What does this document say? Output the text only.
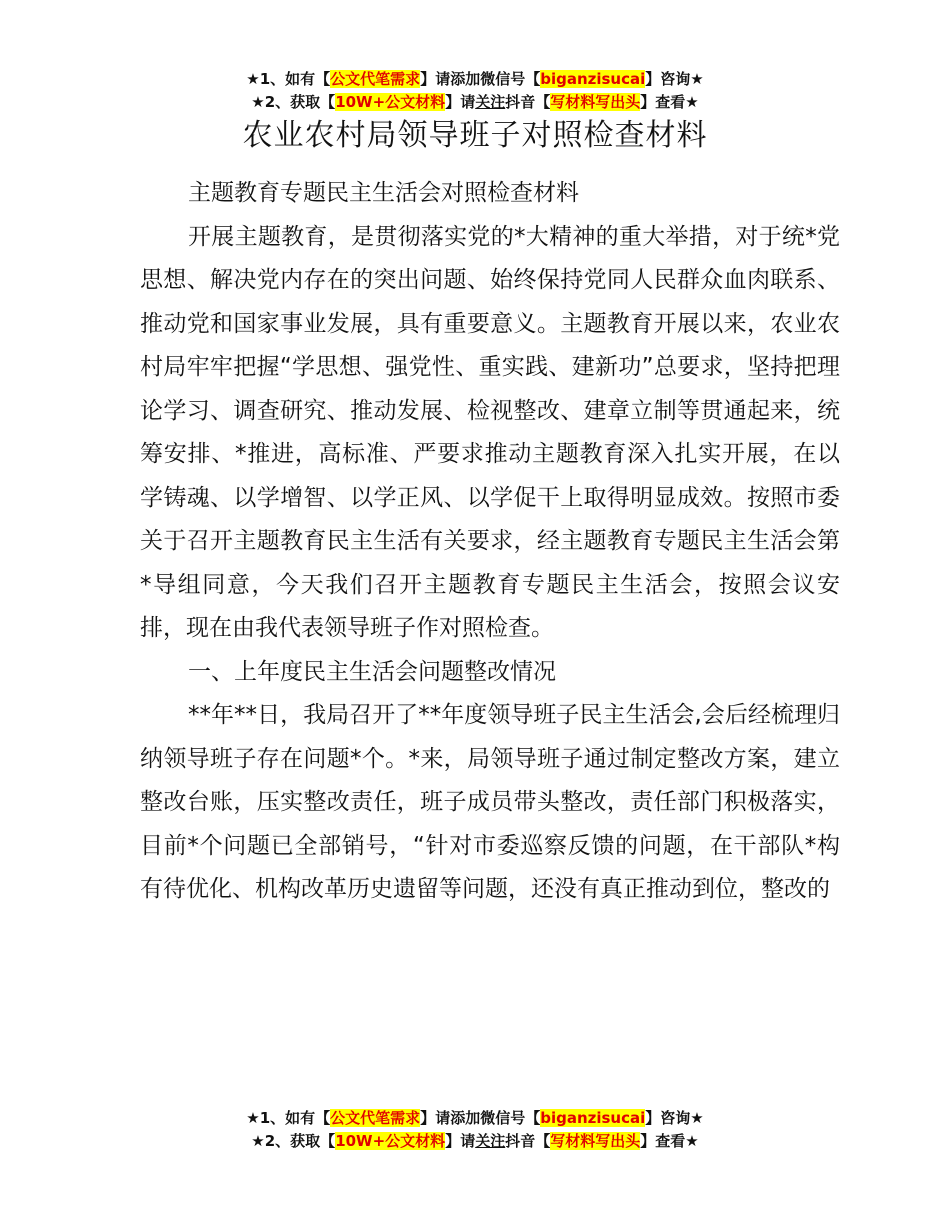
★1、如有【公文代笔需求】请添加微信号【biganzisucai】咨询★
★2、获取【10W+公文材料】请关注抖音【写材料写出头】查看★
农业农村局领导班子对照检查材料

主题教育专题民主生活会对照检查材料

开展主题教育，是贯彻落实党的*大精神的重大举措，对于统*党思想、解决党内存在的突出问题、始终保持党同人民群众血肉联系、推动党和国家事业发展，具有重要意义。主题教育开展以来，农业农村局牢牢把握“学思想、强党性、重实践、建新功”总要求，坚持把理论学习、调查研究、推动发展、检视整改、建章立制等贯通起来，统筹安排、*推进，高标准、严要求推动主题教育深入扎实开展，在以学铸魂、以学增智、以学正风、以学促干上取得明显成效。按照市委关于召开主题教育民主生活有关要求，经主题教育专题民主生活会第*导组同意，今天我们召开主题教育专题民主生活会，按照会议安排，现在由我代表领导班子作对照检查。

一、上年度民主生活会问题整改情况

**年**日，我局召开了**年度领导班子民主生活会,会后经梳理归纳领导班子存在问题*个。*来，局领导班子通过制定整改方案，建立整改台账，压实整改责任，班子成员带头整改，责任部门积极落实，目前*个问题已全部销号，“针对市委巡察反馈的问题，在干部队*构有待优化、机构改革历史遗留等问题，还没有真正推动到位，整改的

★1、如有【公文代笔需求】请添加微信号【biganzisucai】咨询★
★2、获取【10W+公文材料】请关注抖音【写材料写出头】查看★
